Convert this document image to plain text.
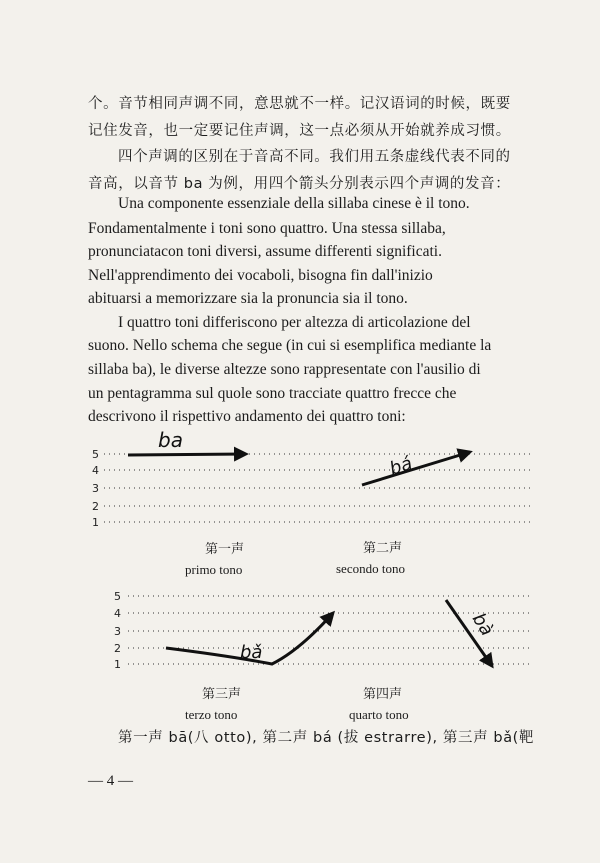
个。音节相同声调不同，意思就不一样。记汉语词的时候，既要
记住发音，也一定要记住声调，这一点必须从开始就养成习惯。
四个声调的区别在于音高不同。我们用五条虚线代表不同的
音高，以音节 ba 为例，用四个箭头分别表示四个声调的发音：
Una componente essenziale della sillaba cinese è il tono.
Fondamentalmente i toni sono quattro. Una stessa sillaba,
pronunciatacon toni diversi, assume differenti significati.
Nell'apprendimento dei vocaboli, bisogna fin dall'inizio
abituarsi a memorizzare sia la pronuncia sia il tono.
I quattro toni differiscono per altezza di articolazione del
suono. Nello schema che segue (in cui si esemplifica mediante la
sillaba ba), le diverse altezze sono rappresentate con l'ausilio di
un pentagramma sul quole sono tracciate quattro frecce che
descrivono il rispettivo andamento dei quattro toni:
5
4
3
2
1
ba
bá
5
4
3
2
1
bǎ
bà
第一声
primo tono
第二声
secondo tono
第三声
terzo tono
第四声
quarto tono
第一声 bā(八 otto), 第二声 bá (拔 estrarre), 第三声 bǎ(靶
— 4 —
